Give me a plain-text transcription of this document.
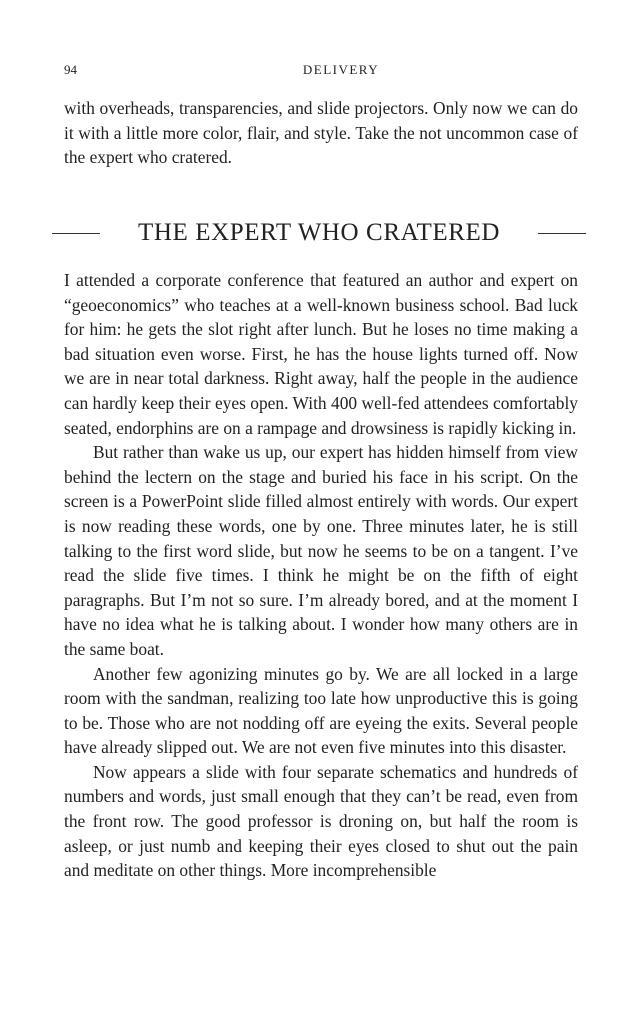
94	DELIVERY

with overheads, transparencies, and slide projectors. Only now we can do it with a little more color, flair, and style. Take the not uncommon case of the expert who cratered.

THE EXPERT WHO CRATERED

I attended a corporate conference that featured an author and expert on “geoeconomics” who teaches at a well-known business school. Bad luck for him: he gets the slot right after lunch. But he loses no time making a bad situation even worse. First, he has the house lights turned off. Now we are in near total darkness. Right away, half the people in the audience can hardly keep their eyes open. With 400 well-fed attendees comfortably seated, endorphins are on a rampage and drowsiness is rapidly kicking in.

But rather than wake us up, our expert has hidden himself from view behind the lectern on the stage and buried his face in his script. On the screen is a PowerPoint slide filled almost entirely with words. Our expert is now reading these words, one by one. Three minutes later, he is still talking to the first word slide, but now he seems to be on a tangent. I’ve read the slide five times. I think he might be on the fifth of eight paragraphs. But I’m not so sure. I’m already bored, and at the moment I have no idea what he is talking about. I wonder how many others are in the same boat.

Another few agonizing minutes go by. We are all locked in a large room with the sandman, realizing too late how unproductive this is going to be. Those who are not nodding off are eyeing the exits. Several people have already slipped out. We are not even five minutes into this disaster.

Now appears a slide with four separate schematics and hundreds of numbers and words, just small enough that they can’t be read, even from the front row. The good professor is droning on, but half the room is asleep, or just numb and keeping their eyes closed to shut out the pain and meditate on other things. More incomprehensible
